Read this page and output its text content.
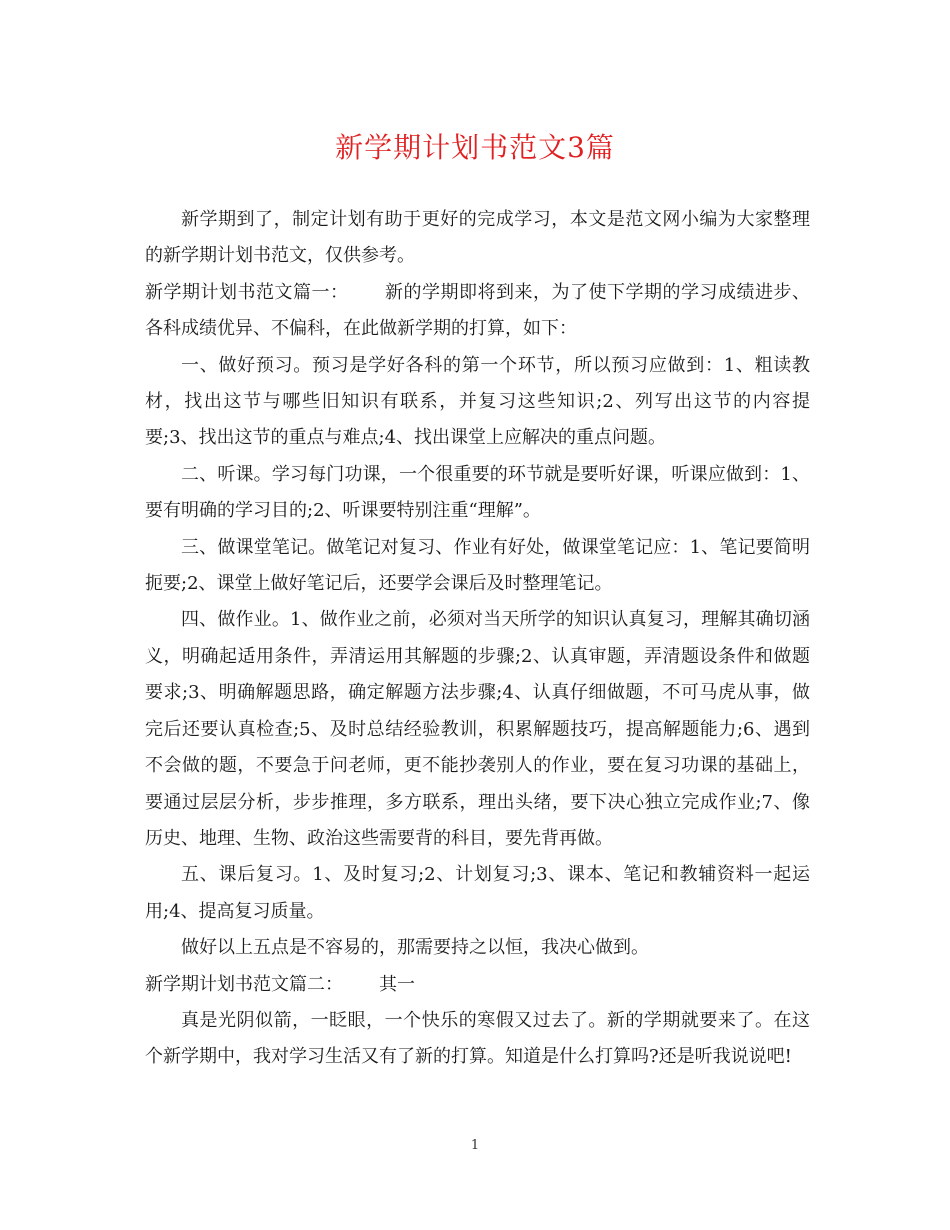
新学期计划书范文3篇

新学期到了，制定计划有助于更好的完成学习，本文是范文网小编为大家整理的新学期计划书范文，仅供参考。

新学期计划书范文篇一： 新的学期即将到来，为了使下学期的学习成绩进步、各科成绩优异、不偏科，在此做新学期的打算，如下：

一、做好预习。预习是学好各科的第一个环节，所以预习应做到：1、粗读教材，找出这节与哪些旧知识有联系，并复习这些知识;2、列写出这节的内容提要;3、找出这节的重点与难点;4、找出课堂上应解决的重点问题。

二、听课。学习每门功课，一个很重要的环节就是要听好课，听课应做到：1、要有明确的学习目的;2、听课要特别注重“理解”。

三、做课堂笔记。做笔记对复习、作业有好处，做课堂笔记应：1、笔记要简明扼要;2、课堂上做好笔记后，还要学会课后及时整理笔记。

四、做作业。1、做作业之前，必须对当天所学的知识认真复习，理解其确切涵义，明确起适用条件，弄清运用其解题的步骤;2、认真审题，弄清题设条件和做题要求;3、明确解题思路，确定解题方法步骤;4、认真仔细做题，不可马虎从事，做完后还要认真检查;5、及时总结经验教训，积累解题技巧，提高解题能力;6、遇到不会做的题，不要急于问老师，更不能抄袭别人的作业，要在复习功课的基础上，要通过层层分析，步步推理，多方联系，理出头绪，要下决心独立完成作业;7、像历史、地理、生物、政治这些需要背的科目，要先背再做。

五、课后复习。1、及时复习;2、计划复习;3、课本、笔记和教辅资料一起运用;4、提高复习质量。

做好以上五点是不容易的，那需要持之以恒，我决心做到。

新学期计划书范文篇二： 其一

真是光阴似箭，一眨眼，一个快乐的寒假又过去了。新的学期就要来了。在这个新学期中，我对学习生活又有了新的打算。知道是什么打算吗?还是听我说说吧!

1
